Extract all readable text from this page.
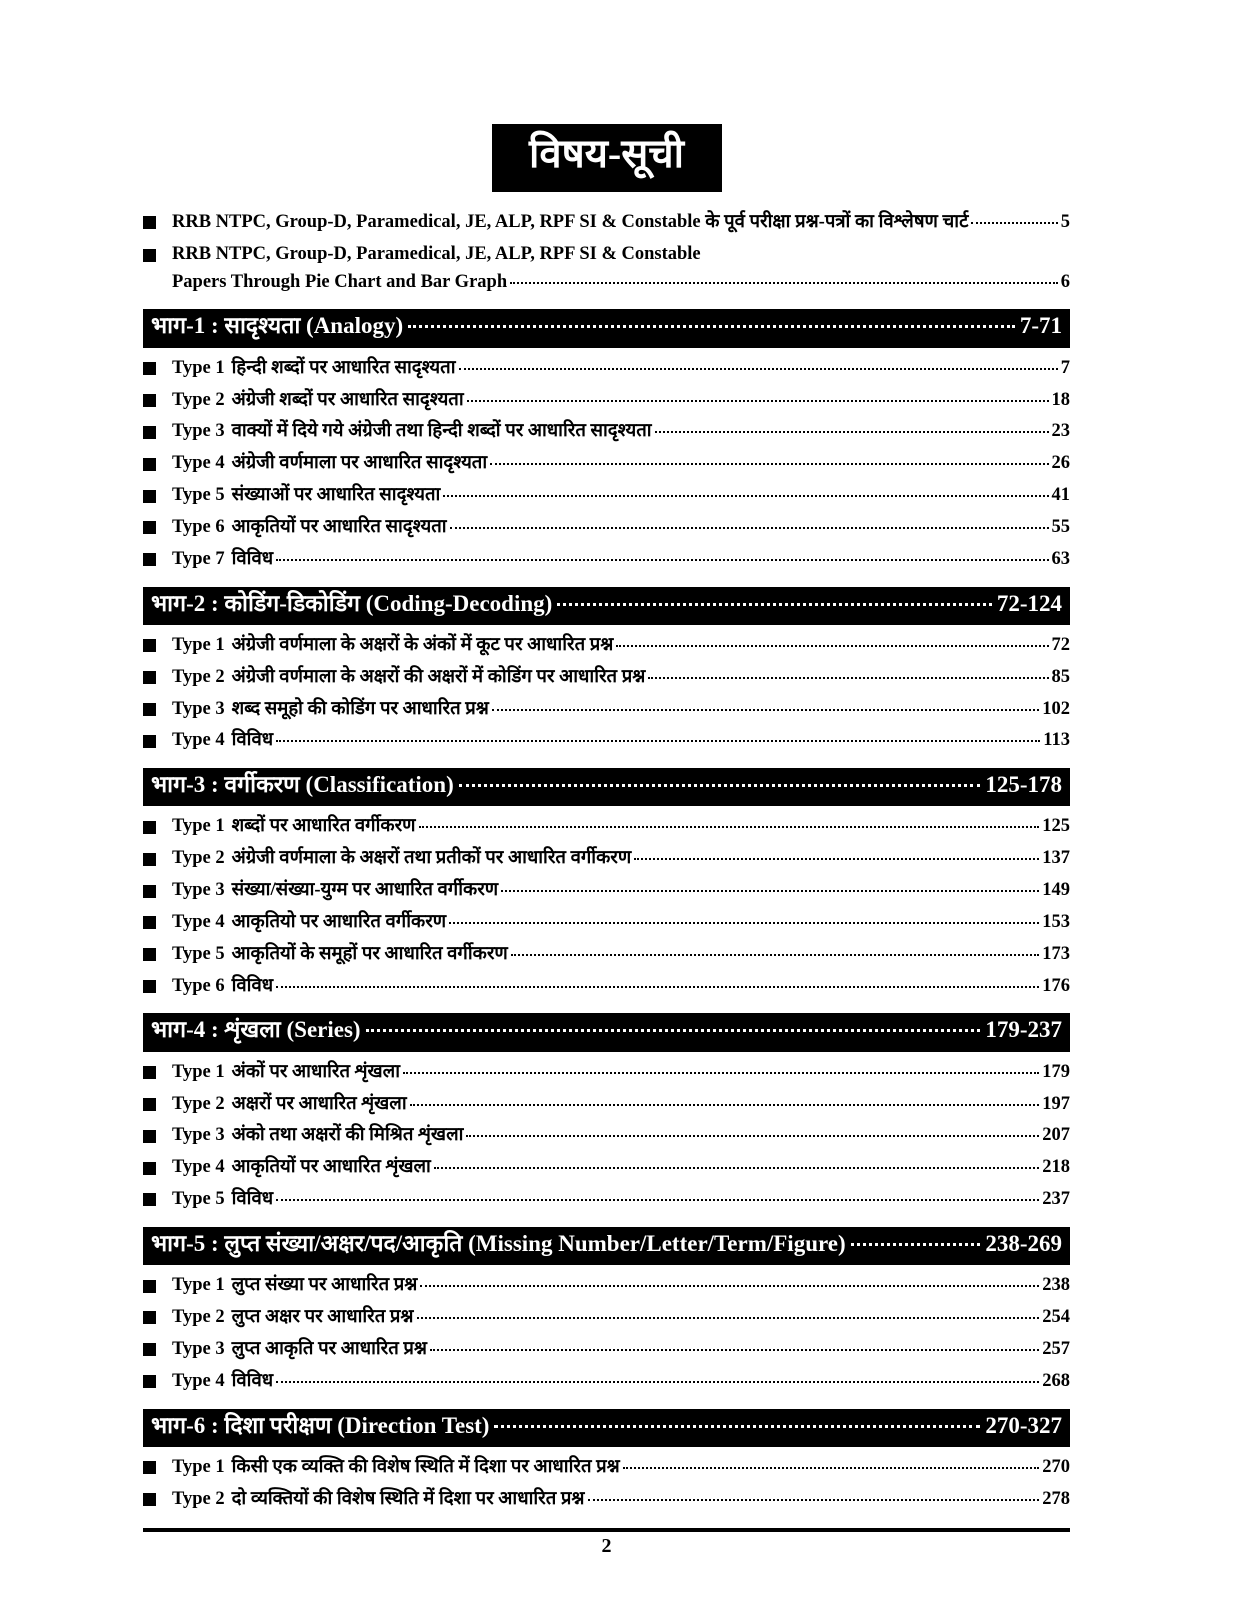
विषय-सूची
RRB NTPC, Group-D, Paramedical, JE, ALP, RPF SI & Constable के पूर्व परीक्षा प्रश्न-पत्रों का विश्लेषण चार्ट	5
RRB NTPC, Group-D, Paramedical, JE, ALP, RPF SI & Constable
Papers Through Pie Chart and Bar Graph	6
भाग-1 : सादृश्यता (Analogy)	7-71
Type 1 हिन्दी शब्दों पर आधारित सादृश्यता	7
Type 2 अंग्रेजी शब्दों पर आधारित सादृश्यता	18
Type 3 वाक्यों में दिये गये अंग्रेजी तथा हिन्दी शब्दों पर आधारित सादृश्यता	23
Type 4 अंग्रेजी वर्णमाला पर आधारित सादृश्यता	26
Type 5 संख्याओं पर आधारित सादृश्यता	41
Type 6 आकृतियों पर आधारित सादृश्यता	55
Type 7 विविध	63
भाग-2 : कोडिंग-डिकोडिंग (Coding-Decoding)	72-124
Type 1 अंग्रेजी वर्णमाला के अक्षरों के अंकों में कूट पर आधारित प्रश्न	72
Type 2 अंग्रेजी वर्णमाला के अक्षरों की अक्षरों में कोडिंग पर आधारित प्रश्न	85
Type 3 शब्द समूहो की कोडिंग पर आधारित प्रश्न	102
Type 4 विविध	113
भाग-3 : वर्गीकरण (Classification)	125-178
Type 1 शब्दों पर आधारित वर्गीकरण	125
Type 2 अंग्रेजी वर्णमाला के अक्षरों तथा प्रतीकों पर आधारित वर्गीकरण	137
Type 3 संख्या/संख्या-युग्म पर आधारित वर्गीकरण	149
Type 4 आकृतियो पर आधारित वर्गीकरण	153
Type 5 आकृतियों के समूहों पर आधारित वर्गीकरण	173
Type 6 विविध	176
भाग-4 : शृंखला (Series)	179-237
Type 1 अंकों पर आधारित शृंखला	179
Type 2 अक्षरों पर आधारित शृंखला	197
Type 3 अंको तथा अक्षरों की मिश्रित शृंखला	207
Type 4 आकृतियों पर आधारित शृंखला	218
Type 5 विविध	237
भाग-5 : लुप्त संख्या/अक्षर/पद/आकृति (Missing Number/Letter/Term/Figure)	238-269
Type 1 लुप्त संख्या पर आधारित प्रश्न	238
Type 2 लुप्त अक्षर पर आधारित प्रश्न	254
Type 3 लुप्त आकृति पर आधारित प्रश्न	257
Type 4 विविध	268
भाग-6 : दिशा परीक्षण (Direction Test)	270-327
Type 1 किसी एक व्यक्ति की विशेष स्थिति में दिशा पर आधारित प्रश्न	270
Type 2 दो व्यक्तियों की विशेष स्थिति में दिशा पर आधारित प्रश्न	278
2
